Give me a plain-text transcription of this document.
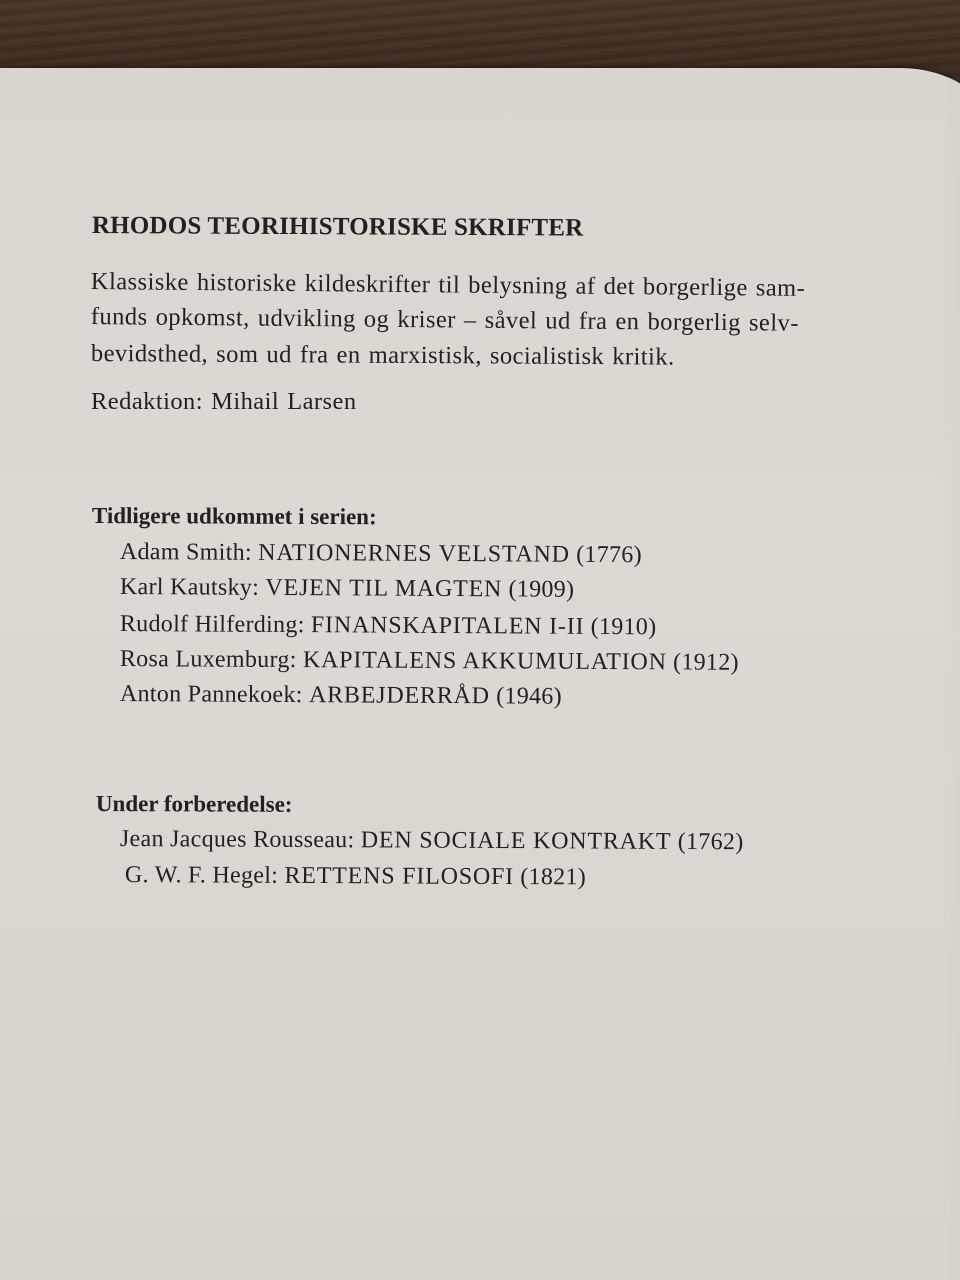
RHODOS TEORIHISTORISKE SKRIFTER
Klassiske historiske kildeskrifter til belysning af det borgerlige sam-
funds opkomst, udvikling og kriser – såvel ud fra en borgerlig selv-
bevidsthed, som ud fra en marxistisk, socialistisk kritik.
Redaktion: Mihail Larsen
Tidligere udkommet i serien:
Adam Smith: NATIONERNES VELSTAND (1776)
Karl Kautsky: VEJEN TIL MAGTEN (1909)
Rudolf Hilferding: FINANSKAPITALEN I-II (1910)
Rosa Luxemburg: KAPITALENS AKKUMULATION (1912)
Anton Pannekoek: ARBEJDERRÅD (1946)
Under forberedelse:
Jean Jacques Rousseau: DEN SOCIALE KONTRAKT (1762)
G. W. F. Hegel: RETTENS FILOSOFI (1821)
